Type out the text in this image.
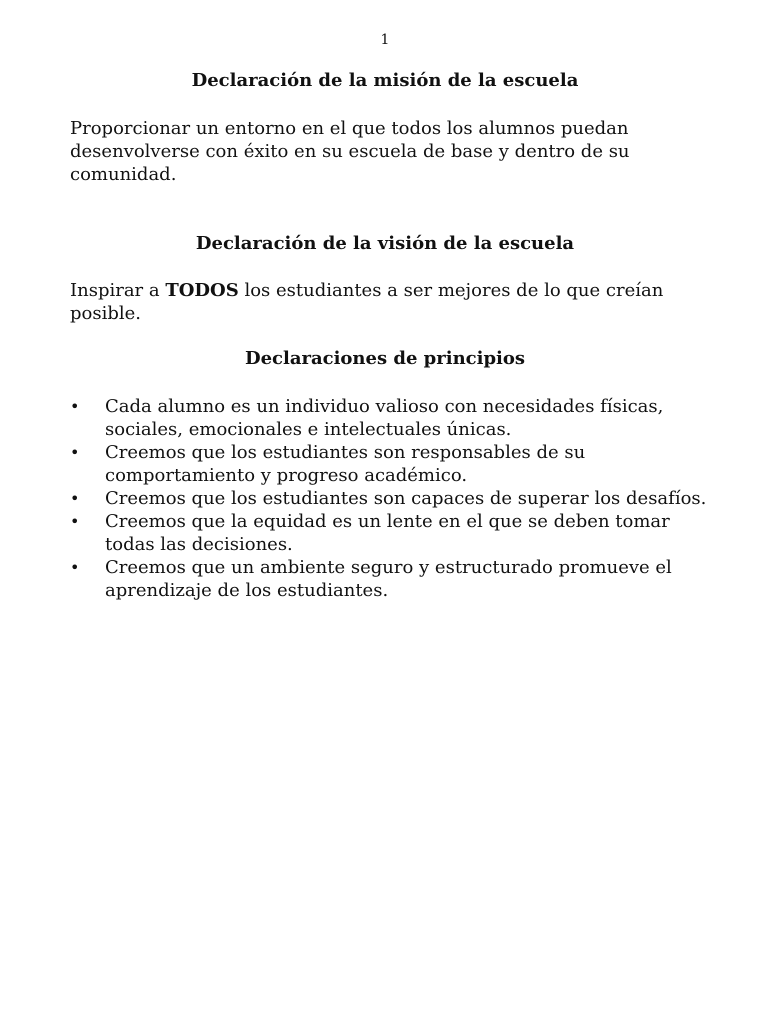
1
Declaración de la misión de la escuela
Proporcionar un entorno en el que todos los alumnos puedan desenvolverse con éxito en su escuela de base y dentro de su comunidad.
Declaración de la visión de la escuela
Inspirar a TODOS los estudiantes a ser mejores de lo que creían posible.
Declaraciones de principios
• Cada alumno es un individuo valioso con necesidades físicas, sociales, emocionales e intelectuales únicas.
• Creemos que los estudiantes son responsables de su comportamiento y progreso académico.
• Creemos que los estudiantes son capaces de superar los desafíos.
• Creemos que la equidad es un lente en el que se deben tomar todas las decisiones.
• Creemos que un ambiente seguro y estructurado promueve el aprendizaje de los estudiantes.
